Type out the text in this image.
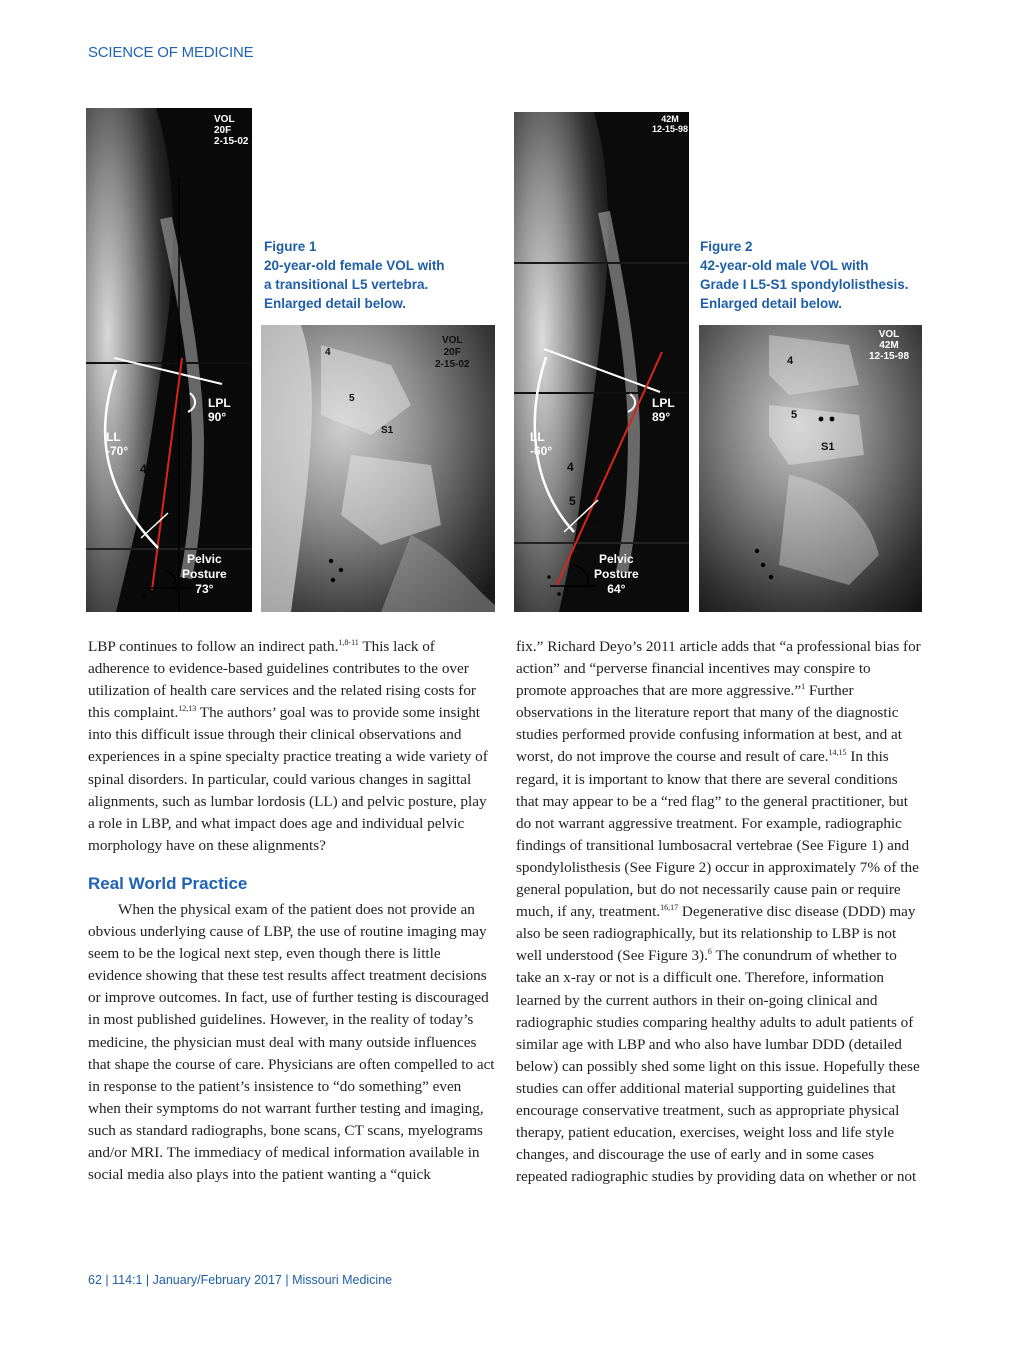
SCIENCE OF MEDICINE
VOL
20F
2-15-02
4
12
LPL
90°
LL
-70°
4
5
S1
Pelvic
Posture
73°
Figure 1
20-year-old female VOL with
a transitional L5 vertebra.
Enlarged detail below.
VOL
20F
2-15-02
4
5
S1
42M
12-15-98
4
12
LPL
89°
LL
-60°
4
5
S1
Pelvic
Posture
64°
Figure 2
42-year-old male VOL with
Grade I L5-S1 spondylolisthesis.
Enlarged detail below.
VOL
42M
12-15-98
4
5
S1

LBP continues to follow an indirect path.$^{1,8-11}$ This lack of adherence to evidence-based guidelines contributes to the over utilization of health care services and the related rising costs for this complaint.$^{12,13}$ The authors’ goal was to provide some insight into this difficult issue through their clinical observations and experiences in a spine specialty practice treating a wide variety of spinal disorders. In particular, could various changes in sagittal alignments, such as lumbar lordosis (LL) and pelvic posture, play a role in LBP, and what impact does age and individual pelvic morphology have on these alignments?

Real World Practice

When the physical exam of the patient does not provide an obvious underlying cause of LBP, the use of routine imaging may seem to be the logical next step, even though there is little evidence showing that these test results affect treatment decisions or improve outcomes. In fact, use of further testing is discouraged in most published guidelines. However, in the reality of today’s medicine, the physician must deal with many outside influences that shape the course of care. Physicians are often compelled to act in response to the patient’s insistence to “do something” even when their symptoms do not warrant further testing and imaging, such as standard radiographs, bone scans, CT scans, myelograms and/or MRI. The immediacy of medical information available in social media also plays into the patient wanting a “quick

fix.” Richard Deyo’s 2011 article adds that “a professional bias for action” and “perverse financial incentives may conspire to promote approaches that are more aggressive.”$^1$ Further observations in the literature report that many of the diagnostic studies performed provide confusing information at best, and at worst, do not improve the course and result of care.$^{14,15}$ In this regard, it is important to know that there are several conditions that may appear to be a “red flag” to the general practitioner, but do not warrant aggressive treatment. For example, radiographic findings of transitional lumbosacral vertebrae (See Figure 1) and spondylolisthesis (See Figure 2) occur in approximately 7% of the general population, but do not necessarily cause pain or require much, if any, treatment.$^{16,17}$ Degenerative disc disease (DDD) may also be seen radiographically, but its relationship to LBP is not well understood (See Figure 3).$^6$ The conundrum of whether to take an x-ray or not is a difficult one. Therefore, information learned by the current authors in their on-going clinical and radiographic studies comparing healthy adults to adult patients of similar age with LBP and who also have lumbar DDD (detailed below) can possibly shed some light on this issue. Hopefully these studies can offer additional material supporting guidelines that encourage conservative treatment, such as appropriate physical therapy, patient education, exercises, weight loss and life style changes, and discourage the use of early and in some cases repeated radiographic studies by providing data on whether or not

62 | 114:1 | January/February 2017 | Missouri Medicine
